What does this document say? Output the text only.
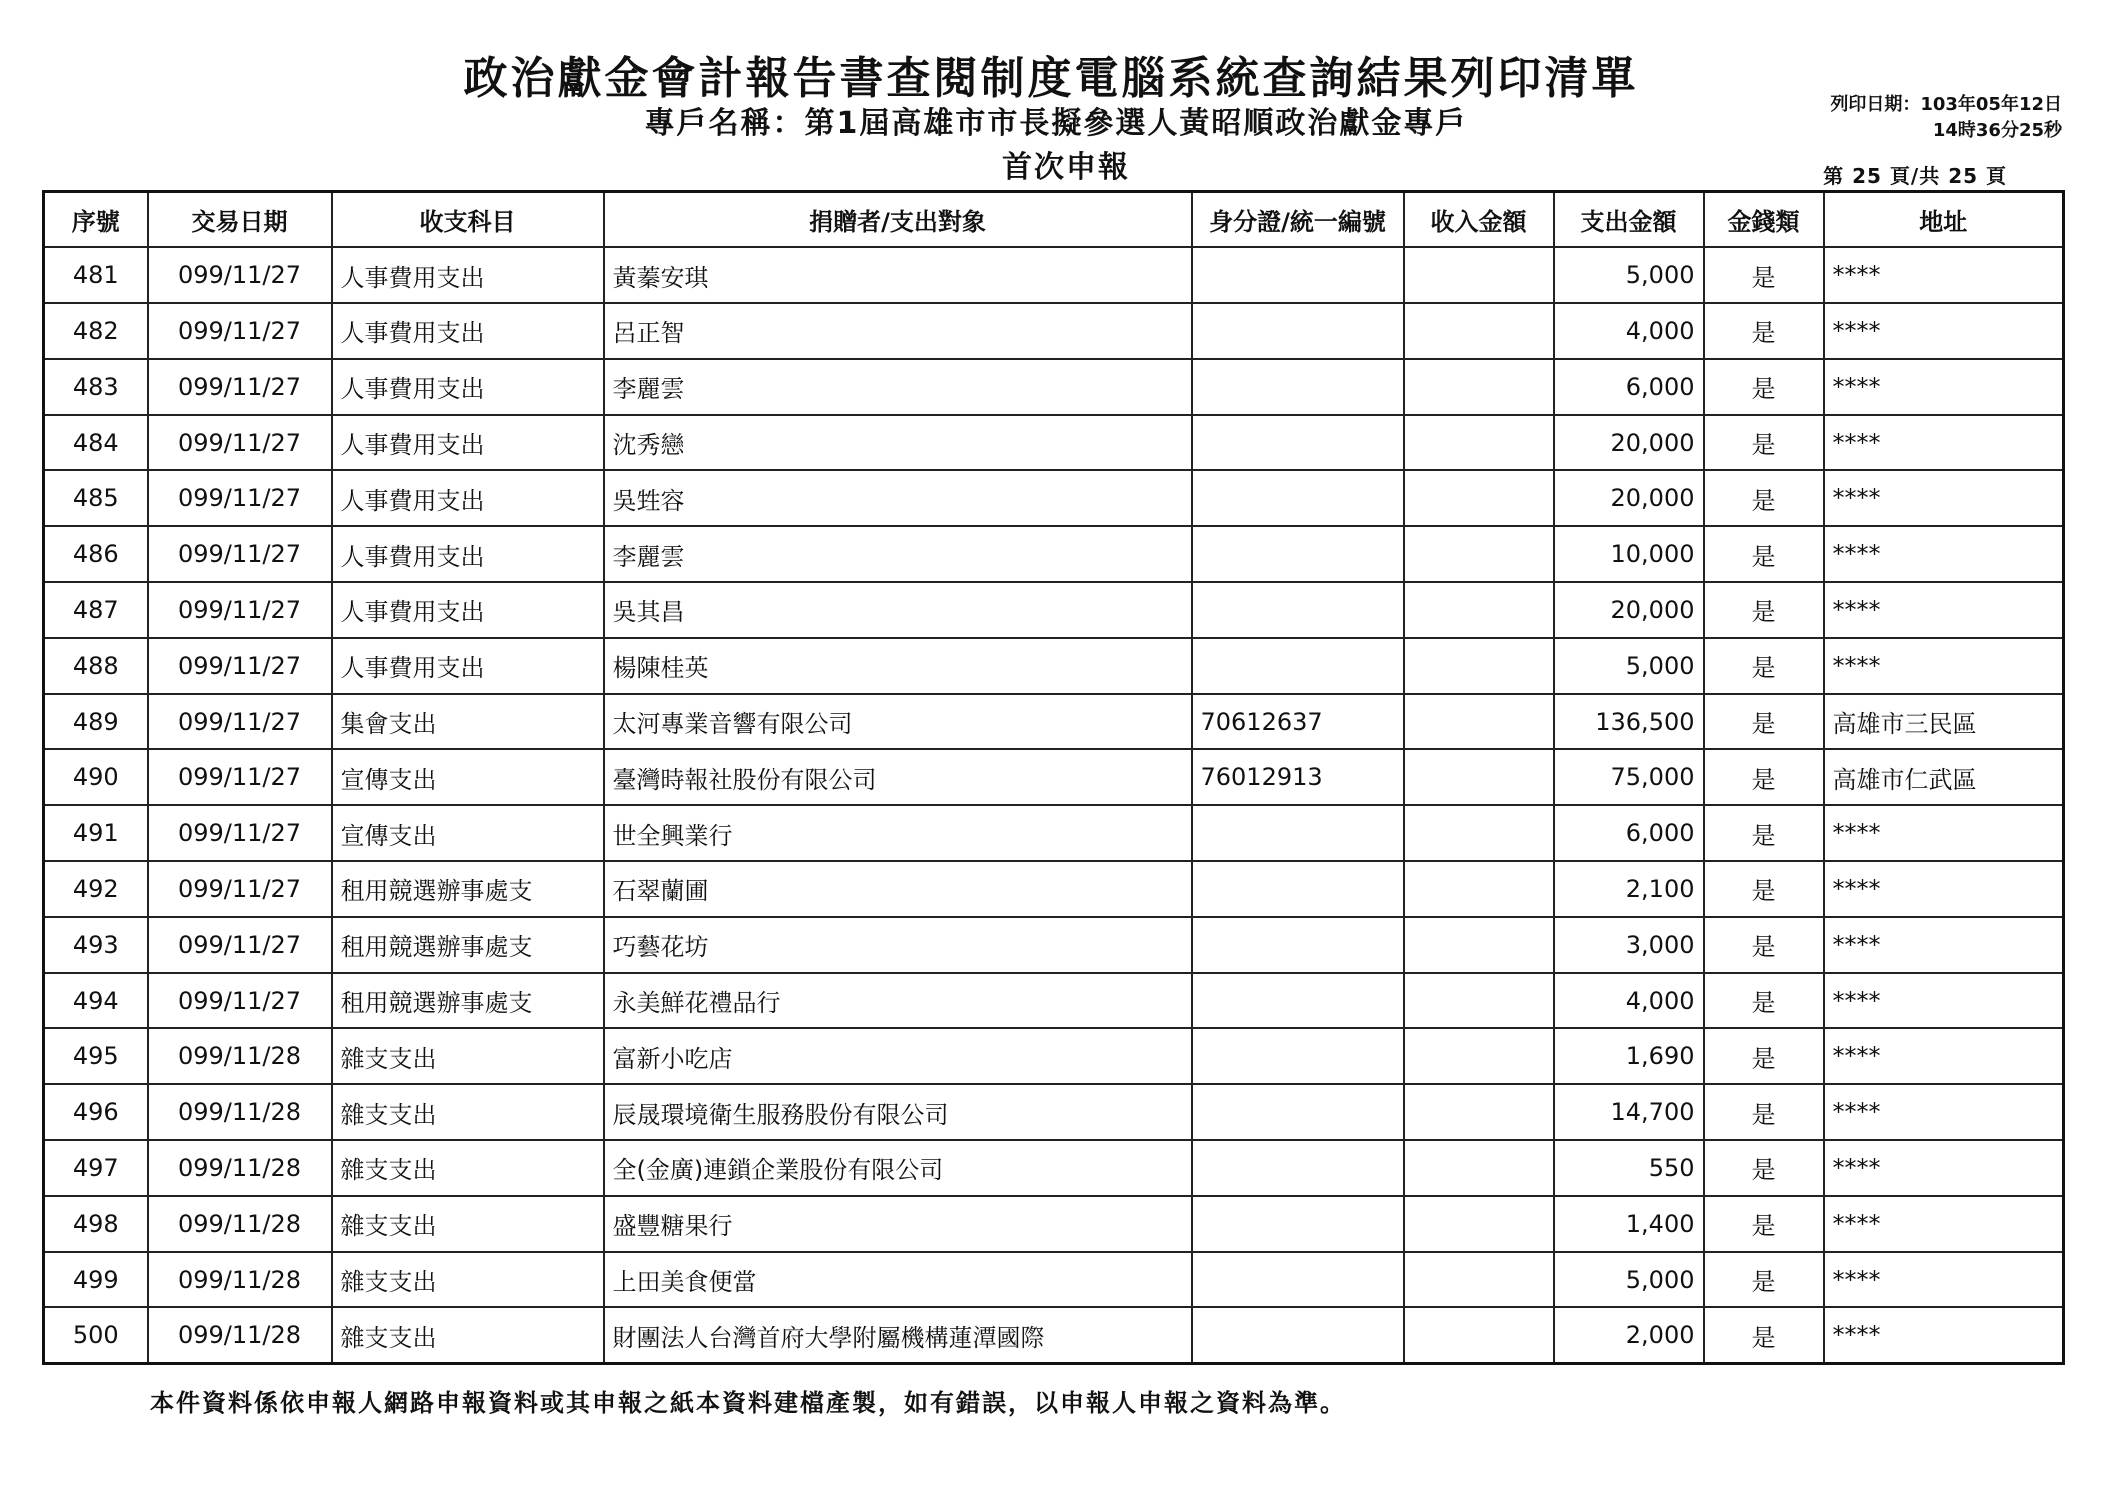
政治獻金會計報告書查閱制度電腦系統查詢結果列印清單
專戶名稱：第1屆高雄市市長擬參選人黃昭順政治獻金專戶
首次申報
列印日期：103年05年12日
14時36分25秒
第 25 頁/共 25 頁
序號	交易日期	收支科目	捐贈者/支出對象	身分證/統一編號	收入金額	支出金額	金錢類	地址
481	099/11/27	人事費用支出	黃蓁安琪			5,000	是	****
482	099/11/27	人事費用支出	呂正智			4,000	是	****
483	099/11/27	人事費用支出	李麗雲			6,000	是	****
484	099/11/27	人事費用支出	沈秀戀			20,000	是	****
485	099/11/27	人事費用支出	吳甡容			20,000	是	****
486	099/11/27	人事費用支出	李麗雲			10,000	是	****
487	099/11/27	人事費用支出	吳其昌			20,000	是	****
488	099/11/27	人事費用支出	楊陳桂英			5,000	是	****
489	099/11/27	集會支出	太河專業音響有限公司	70612637		136,500	是	高雄市三民區
490	099/11/27	宣傳支出	臺灣時報社股份有限公司	76012913		75,000	是	高雄市仁武區
491	099/11/27	宣傳支出	世全興業行			6,000	是	****
492	099/11/27	租用競選辦事處支	石翠蘭圃			2,100	是	****
493	099/11/27	租用競選辦事處支	巧藝花坊			3,000	是	****
494	099/11/27	租用競選辦事處支	永美鮮花禮品行			4,000	是	****
495	099/11/28	雜支支出	富新小吃店			1,690	是	****
496	099/11/28	雜支支出	辰晟環境衛生服務股份有限公司			14,700	是	****
497	099/11/28	雜支支出	全(金廣)連鎖企業股份有限公司			550	是	****
498	099/11/28	雜支支出	盛豐糖果行			1,400	是	****
499	099/11/28	雜支支出	上田美食便當			5,000	是	****
500	099/11/28	雜支支出	財團法人台灣首府大學附屬機構蓮潭國際			2,000	是	****
本件資料係依申報人網路申報資料或其申報之紙本資料建檔產製，如有錯誤，以申報人申報之資料為準。
